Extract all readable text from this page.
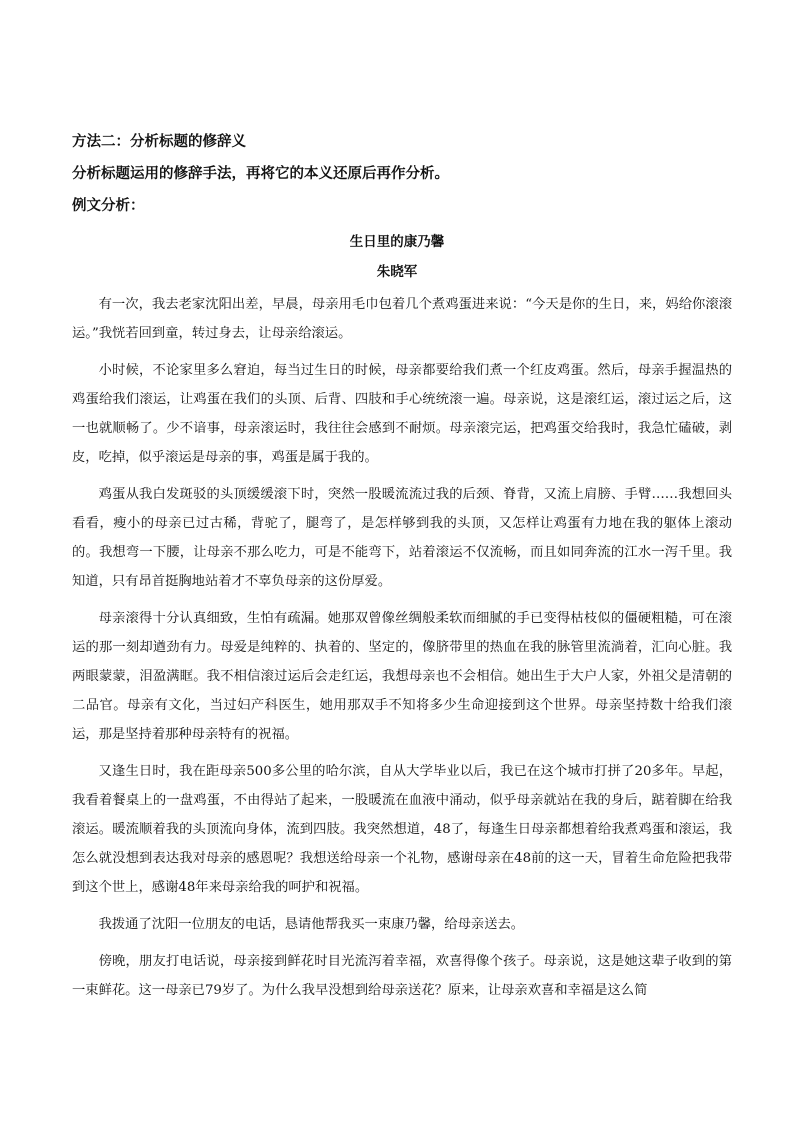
方法二：分析标题的修辞义
分析标题运用的修辞手法，再将它的本义还原后再作分析。
例文分析：
生日里的康乃馨
朱晓军

有一次，我去老家沈阳出差，早晨，母亲用毛巾包着几个煮鸡蛋进来说：“今天是你的生日，来，妈给你滚滚运。”我恍若回到童，转过身去，让母亲给滚运。

小时候，不论家里多么窘迫，每当过生日的时候，母亲都要给我们煮一个红皮鸡蛋。然后，母亲手握温热的鸡蛋给我们滚运，让鸡蛋在我们的头顶、后背、四肢和手心统统滚一遍。母亲说，这是滚红运，滚过运之后，这一也就顺畅了。少不谙事，母亲滚运时，我往往会感到不耐烦。母亲滚完运，把鸡蛋交给我时，我急忙磕破，剥皮，吃掉，似乎滚运是母亲的事，鸡蛋是属于我的。

鸡蛋从我白发斑驳的头顶缓缓滚下时，突然一股暖流流过我的后颈、脊背，又流上肩膀、手臂……我想回头看看，瘦小的母亲已过古稀，背驼了，腿弯了，是怎样够到我的头顶，又怎样让鸡蛋有力地在我的躯体上滚动的。我想弯一下腰，让母亲不那么吃力，可是不能弯下，站着滚运不仅流畅，而且如同奔流的江水一泻千里。我知道，只有昂首挺胸地站着才不辜负母亲的这份厚爱。

母亲滚得十分认真细致，生怕有疏漏。她那双曾像丝绸般柔软而细腻的手已变得枯枝似的僵硬粗糙，可在滚运的那一刻却遒劲有力。母爱是纯粹的、执着的、坚定的，像脐带里的热血在我的脉管里流淌着，汇向心脏。我两眼蒙蒙，泪盈满眶。我不相信滚过运后会走红运，我想母亲也不会相信。她出生于大户人家，外祖父是清朝的二品官。母亲有文化，当过妇产科医生，她用那双手不知将多少生命迎接到这个世界。母亲坚持数十给我们滚运，那是坚持着那种母亲特有的祝福。

又逢生日时，我在距母亲500多公里的哈尔滨，自从大学毕业以后，我已在这个城市打拼了20多年。早起，我看着餐桌上的一盘鸡蛋，不由得站了起来，一股暖流在血液中涌动，似乎母亲就站在我的身后，踮着脚在给我滚运。暖流顺着我的头顶流向身体，流到四肢。我突然想道，48了，每逢生日母亲都想着给我煮鸡蛋和滚运，我怎么就没想到表达我对母亲的感恩呢？我想送给母亲一个礼物，感谢母亲在48前的这一天，冒着生命危险把我带到这个世上，感谢48年来母亲给我的呵护和祝福。

我拨通了沈阳一位朋友的电话，恳请他帮我买一束康乃馨，给母亲送去。

傍晚，朋友打电话说，母亲接到鲜花时目光流泻着幸福，欢喜得像个孩子。母亲说，这是她这辈子收到的第一束鲜花。这一母亲已79岁了。为什么我早没想到给母亲送花？原来，让母亲欢喜和幸福是这么简
